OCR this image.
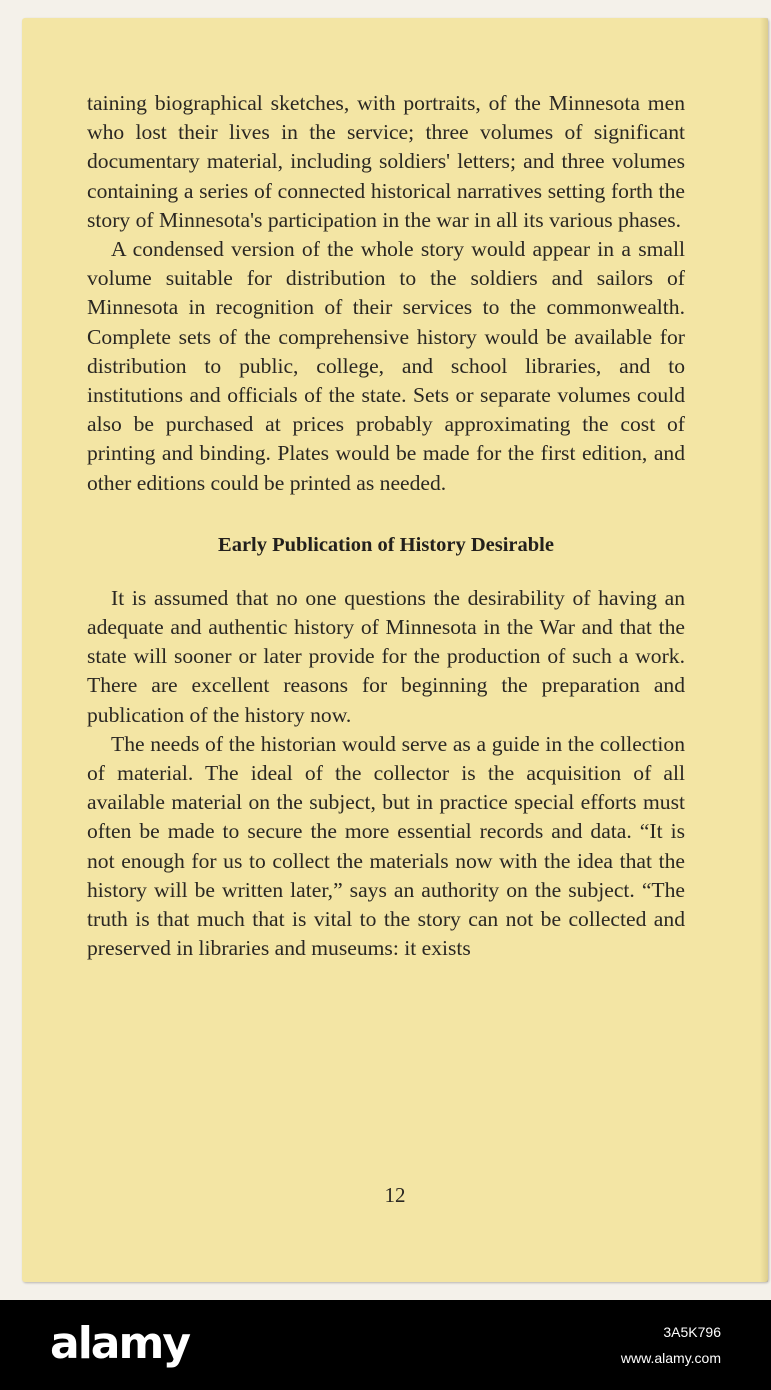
taining biographical sketches, with portraits, of the Minnesota men who lost their lives in the service; three volumes of significant documentary material, including soldiers' letters; and three volumes containing a series of connected historical narratives setting forth the story of Minnesota's participation in the war in all its various phases.

A condensed version of the whole story would appear in a small volume suitable for distribution to the soldiers and sailors of Minnesota in recognition of their services to the commonwealth. Complete sets of the comprehensive history would be available for distribution to public, college, and school libraries, and to institutions and officials of the state. Sets or separate volumes could also be purchased at prices probably approximating the cost of printing and binding. Plates would be made for the first edition, and other editions could be printed as needed.

Early Publication of History Desirable

It is assumed that no one questions the desirability of having an adequate and authentic history of Minnesota in the War and that the state will sooner or later provide for the production of such a work. There are excellent reasons for beginning the preparation and publication of the history now.

The needs of the historian would serve as a guide in the collection of material. The ideal of the collector is the acquisition of all available material on the subject, but in practice special efforts must often be made to secure the more essential records and data. “It is not enough for us to collect the materials now with the idea that the history will be written later,” says an authority on the subject. “The truth is that much that is vital to the story can not be collected and preserved in libraries and museums: it exists

12
alamy	3A5K796
www.alamy.com
